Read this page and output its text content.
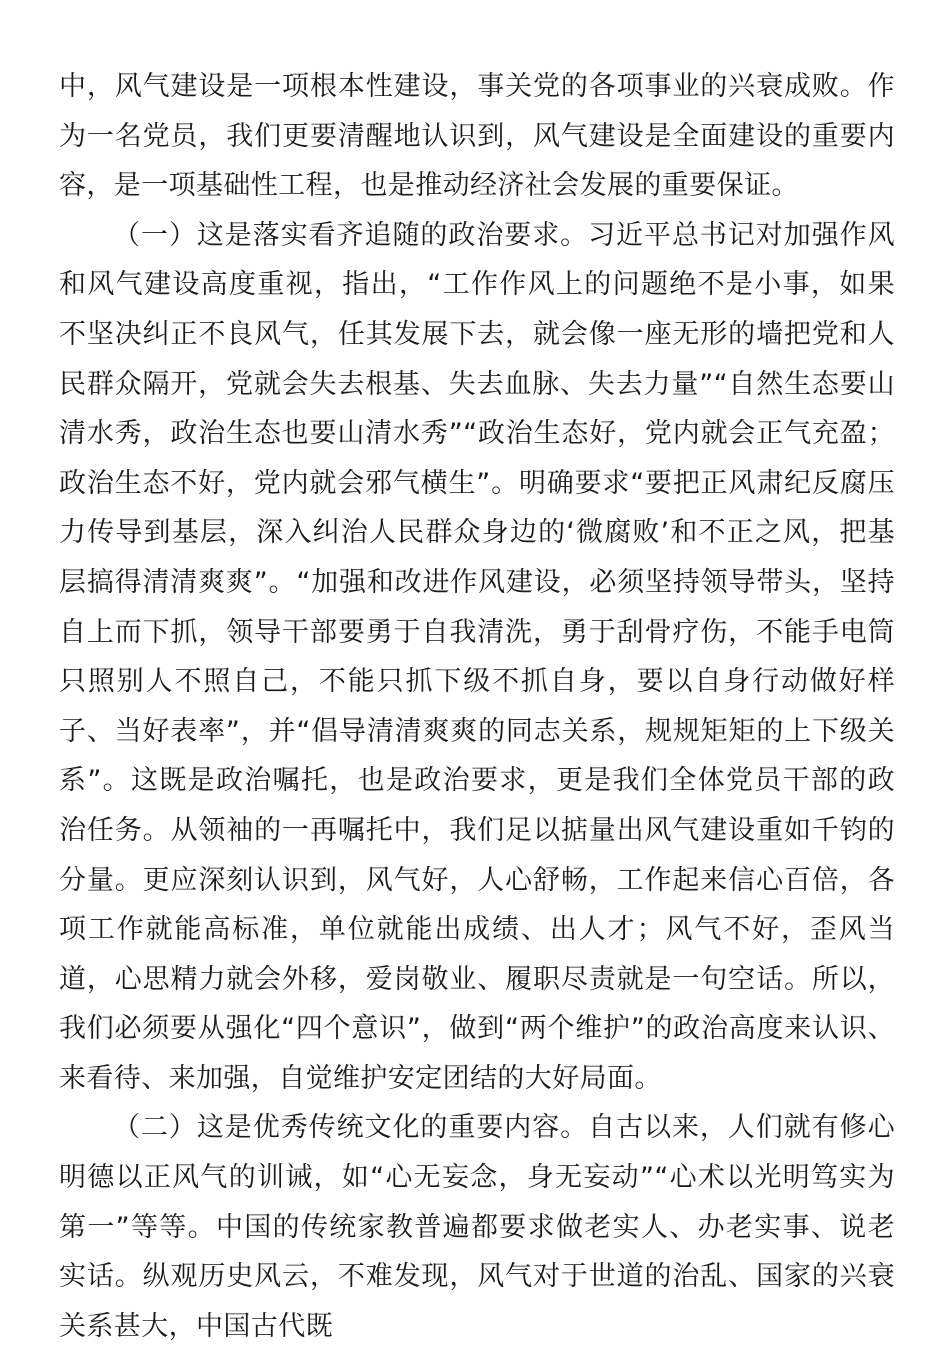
中，风气建设是一项根本性建设，事关党的各项事业的兴衰成败。作为一名党员，我们更要清醒地认识到，风气建设是全面建设的重要内容，是一项基础性工程，也是推动经济社会发展的重要保证。

（一）这是落实看齐追随的政治要求。习近平总书记对加强作风和风气建设高度重视，指出，“工作作风上的问题绝不是小事，如果不坚决纠正不良风气，任其发展下去，就会像一座无形的墙把党和人民群众隔开，党就会失去根基、失去血脉、失去力量”“自然生态要山清水秀，政治生态也要山清水秀”“政治生态好，党内就会正气充盈；政治生态不好，党内就会邪气横生”。明确要求“要把正风肃纪反腐压力传导到基层，深入纠治人民群众身边的‘微腐败’和不正之风，把基层搞得清清爽爽”。“加强和改进作风建设，必须坚持领导带头，坚持自上而下抓，领导干部要勇于自我清洗，勇于刮骨疗伤，不能手电筒只照别人不照自己，不能只抓下级不抓自身，要以自身行动做好样子、当好表率”，并“倡导清清爽爽的同志关系，规规矩矩的上下级关系”。这既是政治嘱托，也是政治要求，更是我们全体党员干部的政治任务。从领袖的一再嘱托中，我们足以掂量出风气建设重如千钧的分量。更应深刻认识到，风气好，人心舒畅，工作起来信心百倍，各项工作就能高标准，单位就能出成绩、出人才；风气不好，歪风当道，心思精力就会外移，爱岗敬业、履职尽责就是一句空话。所以，我们必须要从强化“四个意识”，做到“两个维护”的政治高度来认识、来看待、来加强，自觉维护安定团结的大好局面。

（二）这是优秀传统文化的重要内容。自古以来，人们就有修心明德以正风气的训诫，如“心无妄念，身无妄动”“心术以光明笃实为第一”等等。中国的传统家教普遍都要求做老实人、办老实事、说老实话。纵观历史风云，不难发现，风气对于世道的治乱、国家的兴衰关系甚大，中国古代既
